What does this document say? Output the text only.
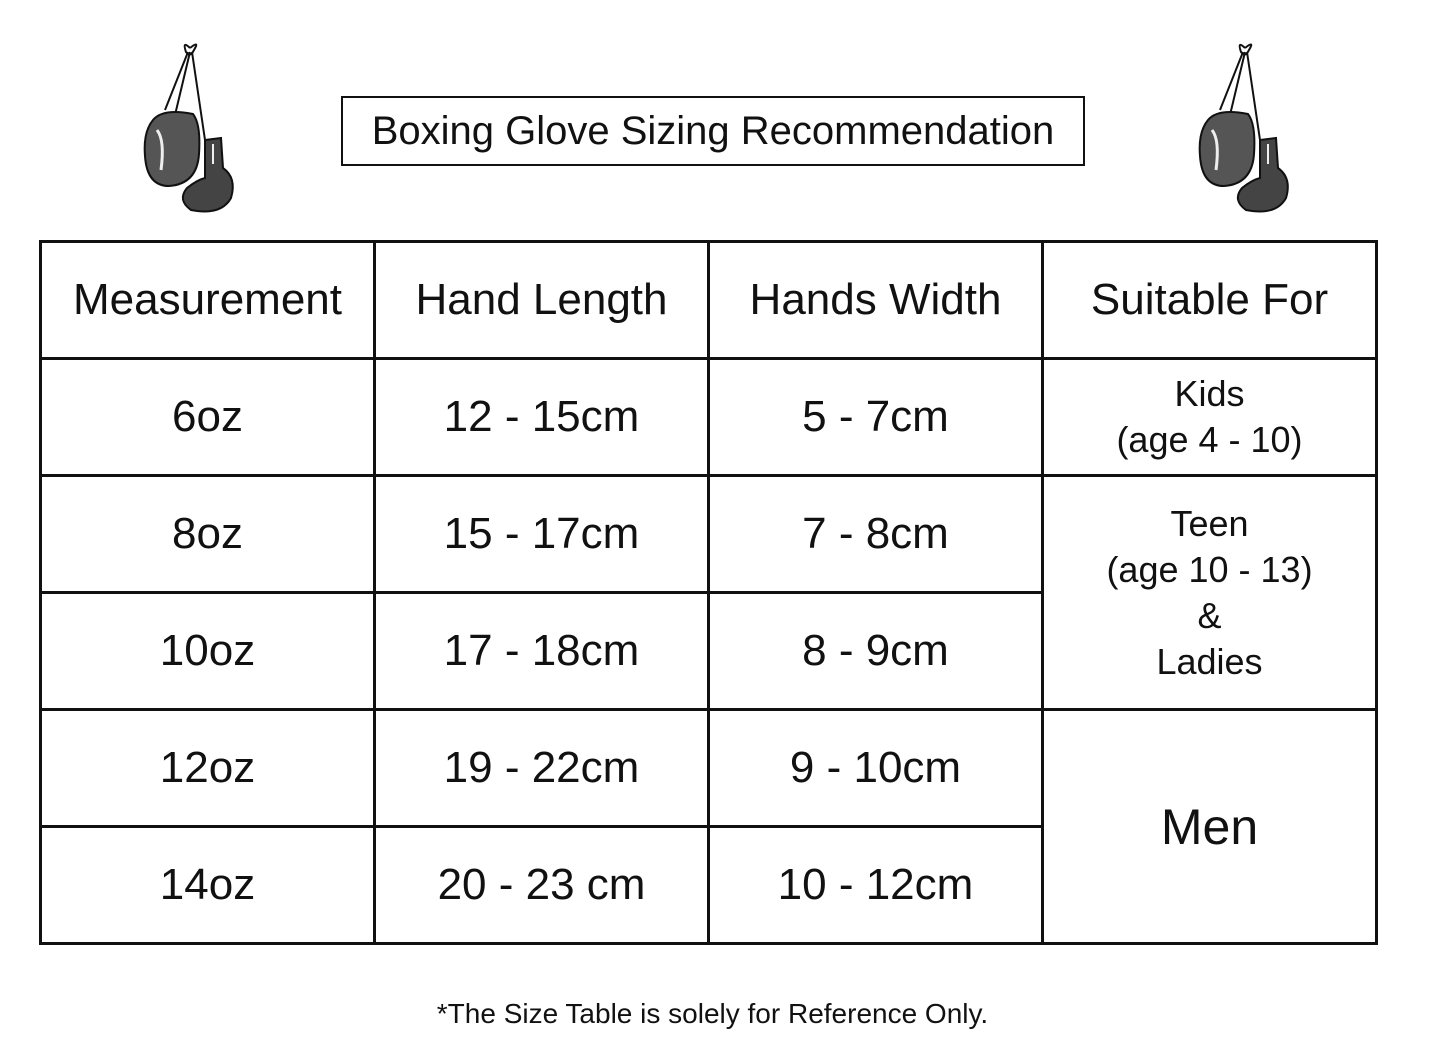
Boxing Glove Sizing Recommendation
Measurement	Hand Length	Hands Width	Suitable For
6oz	12 - 15cm	5 - 7cm	Kids
(age 4 - 10)
8oz	15 - 17cm	7 - 8cm	Teen
(age 10 - 13)
&
Ladies
10oz	17 - 18cm	8 - 9cm	
12oz	19 - 22cm	9 - 10cm	Men
14oz	20 - 23 cm	10 - 12cm	
*The Size Table is solely for Reference Only.
